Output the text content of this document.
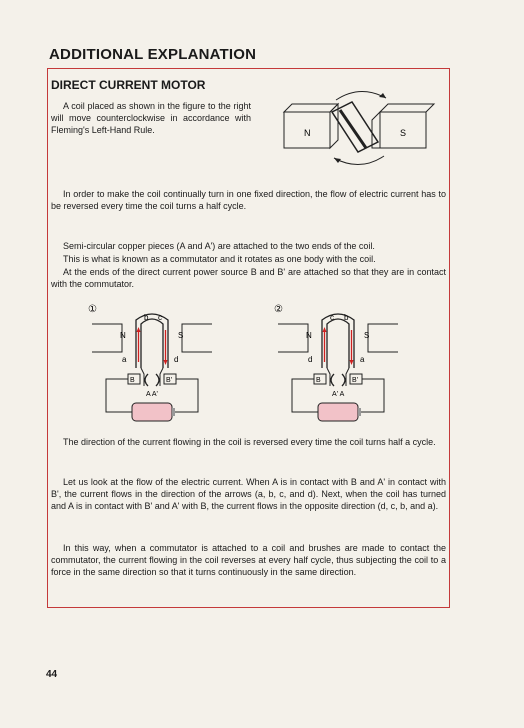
ADDITIONAL EXPLANATION
DIRECT CURRENT MOTOR
A coil placed as shown in the figure to the right will move counterclockwise in accordance with Fleming's Left-Hand Rule.	N	S
In order to make the coil continually turn in one fixed direction, the flow of electric current has to be reversed every time the coil turns a half cycle.
Semi-circular copper pieces (A and A') are attached to the two ends of the coil.
This is what is known as a commutator and it rotates as one body with the coil.
At the ends of the direct current power source B and B' are attached so that they are in contact with the commutator.
①
N	S
b c
a	d
A A'
B	B'
②
N	S
c b
d	a
A' A
B	B'
The direction of the current flowing in the coil is reversed every time the coil turns half a cycle.
Let us look at the flow of the electric current. When A is in contact with B and A' in contact with B', the current flows in the direction of the arrows (a, b, c, and d). Next, when the coil has turned and A is in contact with B' and A' with B, the current flows in the opposite direction (d, c, b, and a).
In this way, when a commutator is attached to a coil and brushes are made to contact the commutator, the current flowing in the coil reverses at every half cycle, thus subjecting the coil to a force in the same direction so that it turns continuously in the same direction.
44
